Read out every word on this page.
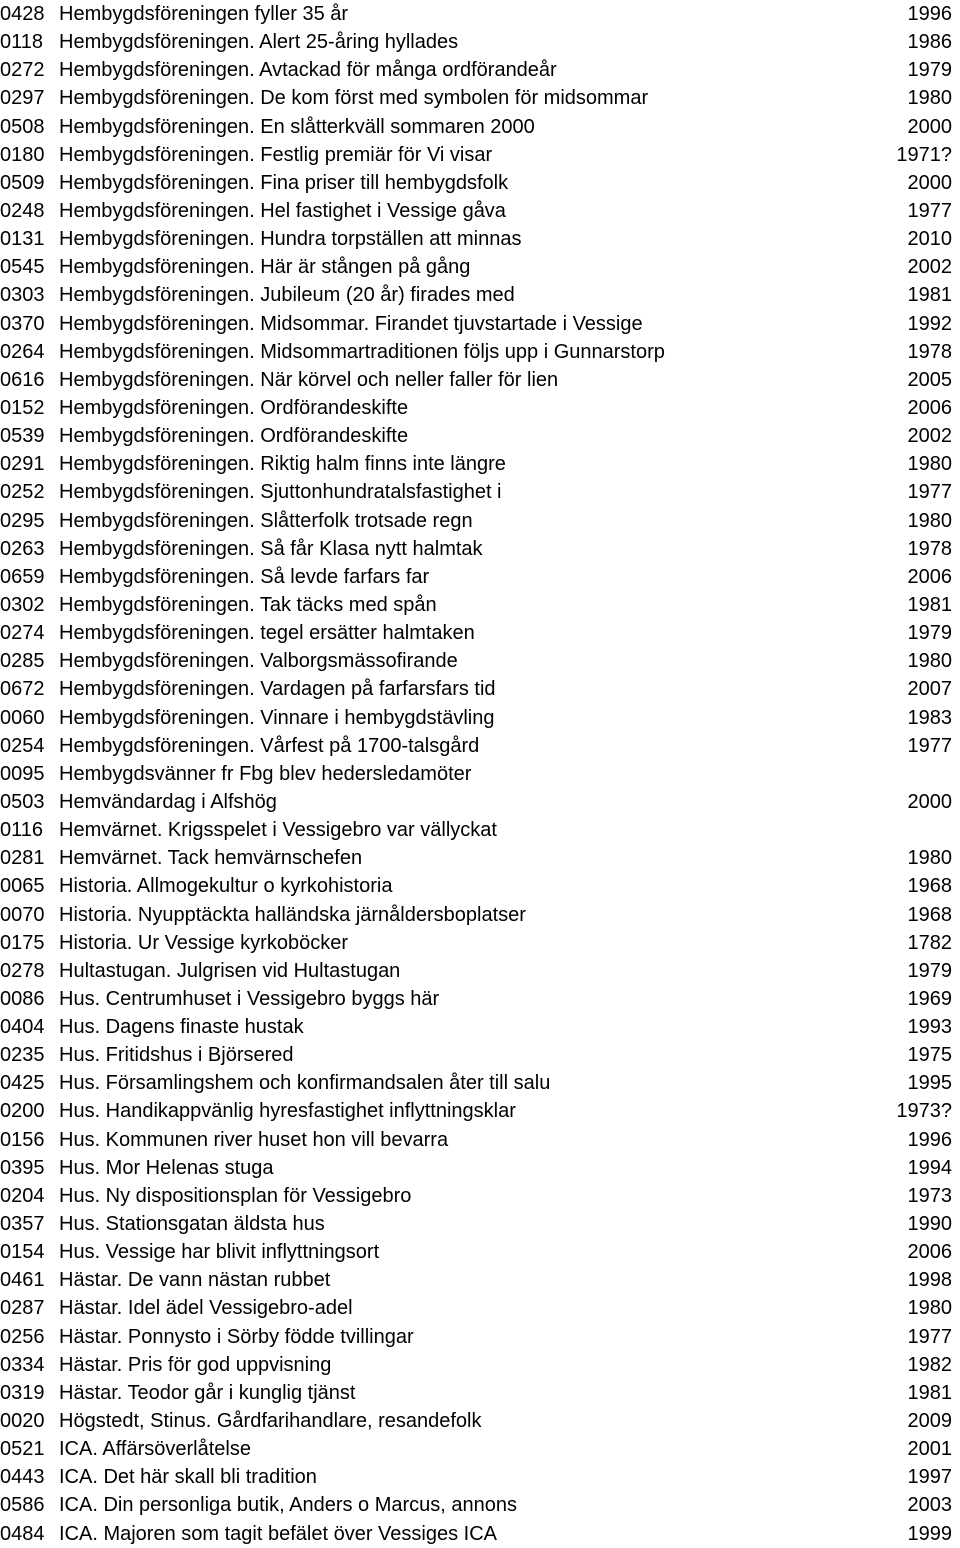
0428 Hembygdsföreningen fyller 35 år	1996
0118 Hembygdsföreningen. Alert 25-åring hyllades	1986
0272 Hembygdsföreningen. Avtackad för många ordförandeår	1979
0297 Hembygdsföreningen. De kom först med symbolen för midsommar	1980
0508 Hembygdsföreningen. En slåtterkväll sommaren 2000	2000
0180 Hembygdsföreningen. Festlig premiär för Vi visar	1971?
0509 Hembygdsföreningen. Fina priser till hembygdsfolk	2000
0248 Hembygdsföreningen. Hel fastighet i Vessige gåva	1977
0131 Hembygdsföreningen. Hundra torpställen att minnas	2010
0545 Hembygdsföreningen. Här är stången på gång	2002
0303 Hembygdsföreningen. Jubileum (20 år) firades med	1981
0370 Hembygdsföreningen. Midsommar. Firandet tjuvstartade i Vessige	1992
0264 Hembygdsföreningen. Midsommartraditionen följs upp i Gunnarstorp	1978
0616 Hembygdsföreningen. När körvel och neller faller för lien	2005
0152 Hembygdsföreningen. Ordförandeskifte	2006
0539 Hembygdsföreningen. Ordförandeskifte	2002
0291 Hembygdsföreningen. Riktig halm finns inte längre	1980
0252 Hembygdsföreningen. Sjuttonhundratalsfastighet i	1977
0295 Hembygdsföreningen. Slåtterfolk trotsade regn	1980
0263 Hembygdsföreningen. Så får Klasa nytt halmtak	1978
0659 Hembygdsföreningen. Så levde farfars far	2006
0302 Hembygdsföreningen. Tak täcks med spån	1981
0274 Hembygdsföreningen. tegel ersätter halmtaken	1979
0285 Hembygdsföreningen. Valborgsmässofirande	1980
0672 Hembygdsföreningen. Vardagen på farfarsfars tid	2007
0060 Hembygdsföreningen. Vinnare i hembygdstävling	1983
0254 Hembygdsföreningen. Vårfest på 1700-talsgård	1977
0095 Hembygdsvänner fr Fbg blev hedersledamöter
0503 Hemvändardag i Alfshög	2000
0116 Hemvärnet. Krigsspelet i Vessigebro var vällyckat
0281 Hemvärnet. Tack hemvärnschefen	1980
0065 Historia. Allmogekultur o kyrkohistoria	1968
0070 Historia. Nyupptäckta halländska järnåldersboplatser	1968
0175 Historia. Ur Vessige kyrkoböcker	1782
0278 Hultastugan. Julgrisen vid Hultastugan	1979
0086 Hus. Centrumhuset i Vessigebro byggs här	1969
0404 Hus. Dagens finaste hustak	1993
0235 Hus. Fritidshus i Björsered	1975
0425 Hus. Församlingshem och konfirmandsalen åter till salu	1995
0200 Hus. Handikappvänlig hyresfastighet inflyttningsklar	1973?
0156 Hus. Kommunen river huset hon vill bevarra	1996
0395 Hus. Mor Helenas stuga	1994
0204 Hus. Ny dispositionsplan för Vessigebro	1973
0357 Hus. Stationsgatan äldsta hus	1990
0154 Hus. Vessige har blivit inflyttningsort	2006
0461 Hästar. De vann nästan rubbet	1998
0287 Hästar. Idel ädel Vessigebro-adel	1980
0256 Hästar. Ponnysto i Sörby födde tvillingar	1977
0334 Hästar. Pris för god uppvisning	1982
0319 Hästar. Teodor går i kunglig tjänst	1981
0020 Högstedt, Stinus. Gårdfarihandlare, resandefolk	2009
0521 ICA. Affärsöverlåtelse	2001
0443 ICA. Det här skall bli tradition	1997
0586 ICA. Din personliga butik, Anders o Marcus, annons	2003
0484 ICA. Majoren som tagit befälet över Vessiges ICA	1999
